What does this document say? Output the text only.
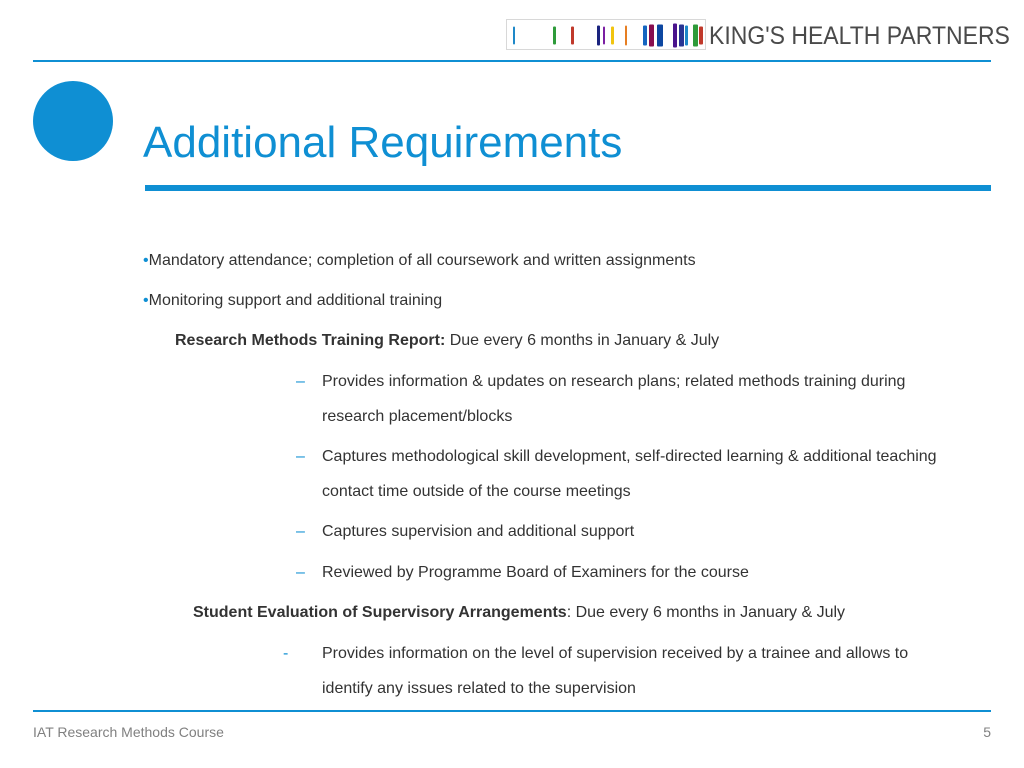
KING'S HEALTH PARTNERS
Additional Requirements
•Mandatory attendance; completion of all coursework and written assignments
•Monitoring support and additional training
Research Methods Training Report: Due every 6 months in January & July
– Provides information & updates on research plans; related methods training during
research placement/blocks
– Captures methodological skill development, self-directed learning & additional teaching
contact time outside of the course meetings
– Captures supervision and additional support
– Reviewed by Programme Board of Examiners for the course
Student Evaluation of Supervisory Arrangements: Due every 6 months in January & July
- Provides information on the level of supervision received by a trainee and allows to
identify any issues related to the supervision
IAT Research Methods Course	5
